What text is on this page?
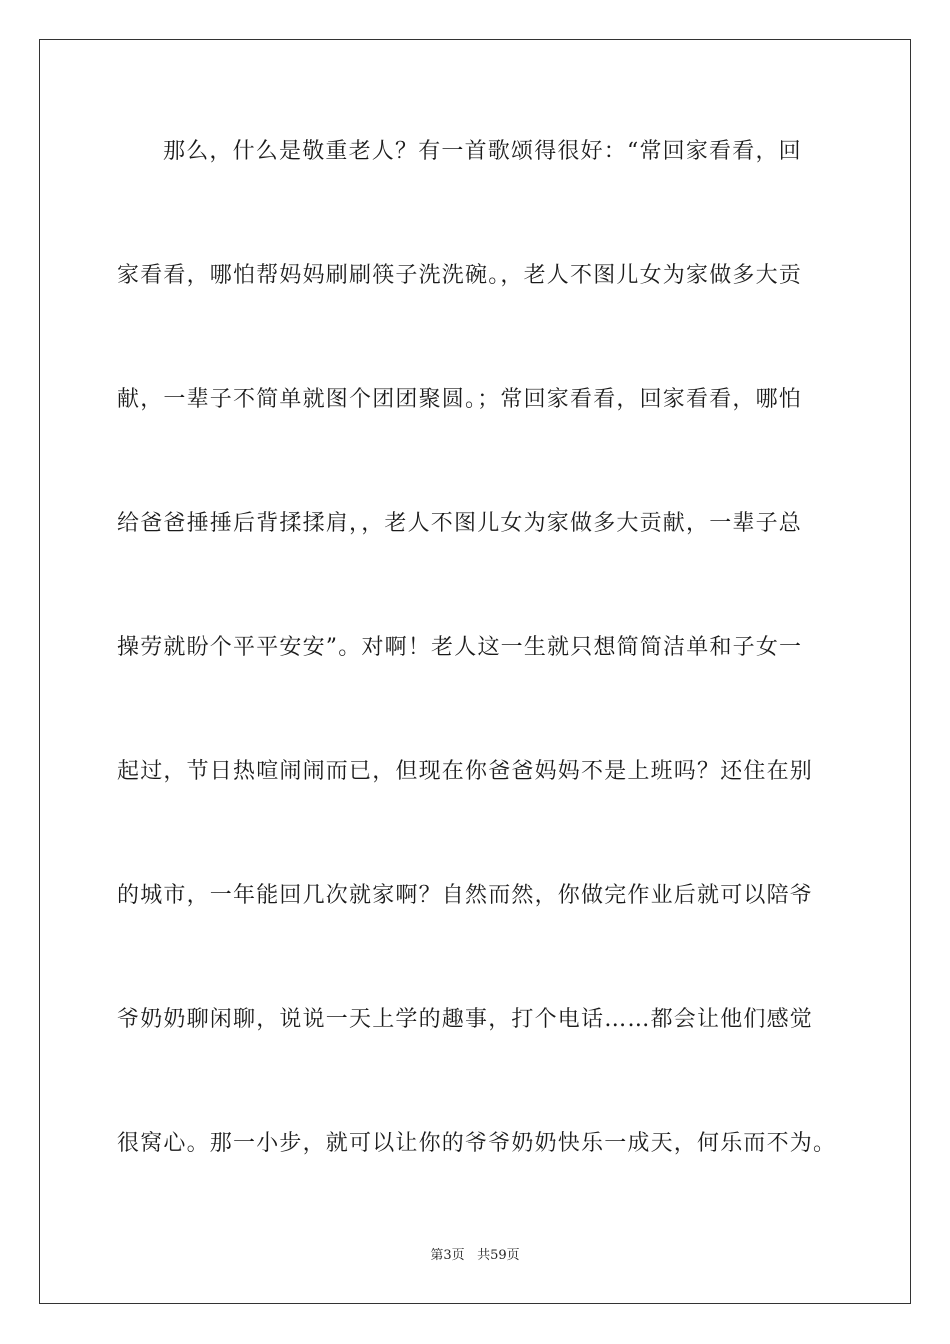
那么，什么是敬重老人？有一首歌颂得很好：“常回家看看，回
家看看，哪怕帮妈妈刷刷筷子洗洗碗。，老人不图儿女为家做多大贡
献，一辈子不简单就图个团团聚圆。；常回家看看，回家看看，哪怕
给爸爸捶捶后背揉揉肩，，老人不图儿女为家做多大贡献，一辈子总
操劳就盼个平平安安”。对啊！老人这一生就只想简简洁单和子女一
起过，节日热喧闹闹而已，但现在你爸爸妈妈不是上班吗？还住在别
的城市，一年能回几次就家啊？自然而然，你做完作业后就可以陪爷
爷奶奶聊闲聊，说说一天上学的趣事，打个电话……都会让他们感觉
很窝心。那一小步，就可以让你的爷爷奶奶快乐一成天，何乐而不为。
第3页 共59页
